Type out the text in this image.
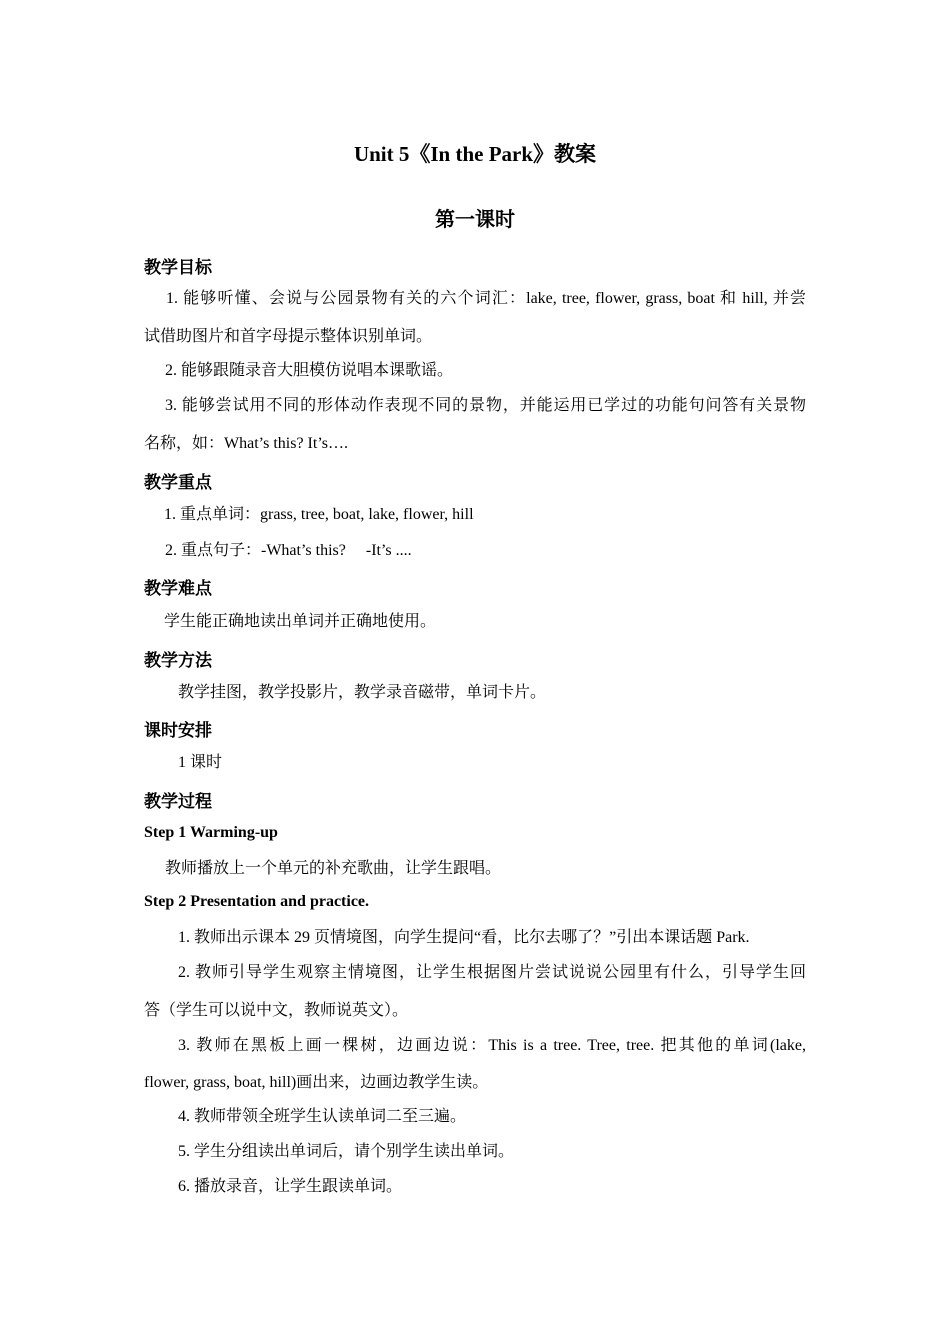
Unit 5《In the Park》教案
第一课时
教学目标
1. 能够听懂、会说与公园景物有关的六个词汇：lake, tree, flower, grass, boat 和 hill, 并尝
试借助图片和首字母提示整体识别单词。
2. 能够跟随录音大胆模仿说唱本课歌谣。
3. 能够尝试用不同的形体动作表现不同的景物，并能运用已学过的功能句问答有关景物
名称，如：What’s this? It’s….
教学重点
1. 重点单词：grass, tree, boat, lake, flower, hill
2. 重点句子：-What’s this?     -It’s ....
教学难点
学生能正确地读出单词并正确地使用。
教学方法
教学挂图，教学投影片，教学录音磁带，单词卡片。
课时安排
1 课时
教学过程
Step 1 Warming-up
教师播放上一个单元的补充歌曲，让学生跟唱。
Step 2 Presentation and practice.
1. 教师出示课本 29 页情境图，向学生提问“看，比尔去哪了？”引出本课话题 Park.
2. 教师引导学生观察主情境图，让学生根据图片尝试说说公园里有什么，引导学生回
答（学生可以说中文，教师说英文）。
3. 教师在黑板上画一棵树，边画边说：This is a tree. Tree, tree. 把其他的单词(lake,
flower, grass, boat, hill)画出来，边画边教学生读。
4. 教师带领全班学生认读单词二至三遍。
5. 学生分组读出单词后，请个别学生读出单词。
6. 播放录音，让学生跟读单词。
